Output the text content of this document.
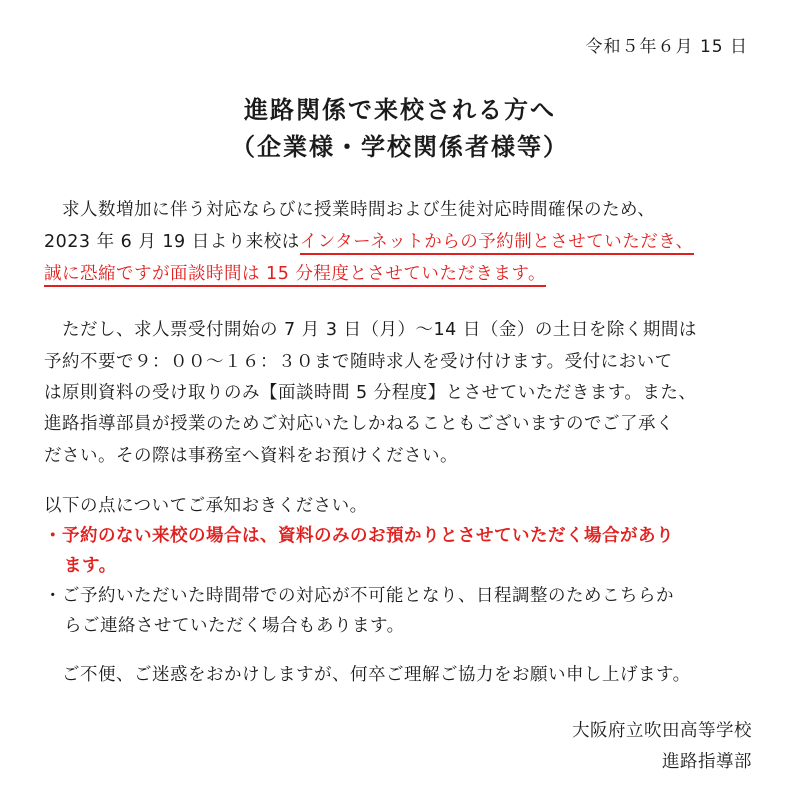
令和５年６月 15 日
進路関係で来校される方へ
（企業様・学校関係者様等）
　求人数増加に伴う対応ならびに授業時間および生徒対応時間確保のため、
2023 年 6 月 19 日より来校はインターネットからの予約制とさせていただき、
誠に恐縮ですが面談時間は 15 分程度とさせていただきます。
　ただし、求人票受付開始の 7 月 3 日（月）～14 日（金）の土日を除く期間は
予約不要で９：００～１６：３０まで随時求人を受け付けます。受付において
は原則資料の受け取りのみ【面談時間 5 分程度】とさせていただきます。また、
進路指導部員が授業のためご対応いたしかねることもございますのでご了承く
ださい。その際は事務室へ資料をお預けください。
以下の点についてご承知おきください。
・予約のない来校の場合は、資料のみのお預かりとさせていただく場合があり
ます。
・ご予約いただいた時間帯での対応が不可能となり、日程調整のためこちらか
らご連絡させていただく場合もあります。
　ご不便、ご迷惑をおかけしますが、何卒ご理解ご協力をお願い申し上げます。
大阪府立吹田高等学校
進路指導部
